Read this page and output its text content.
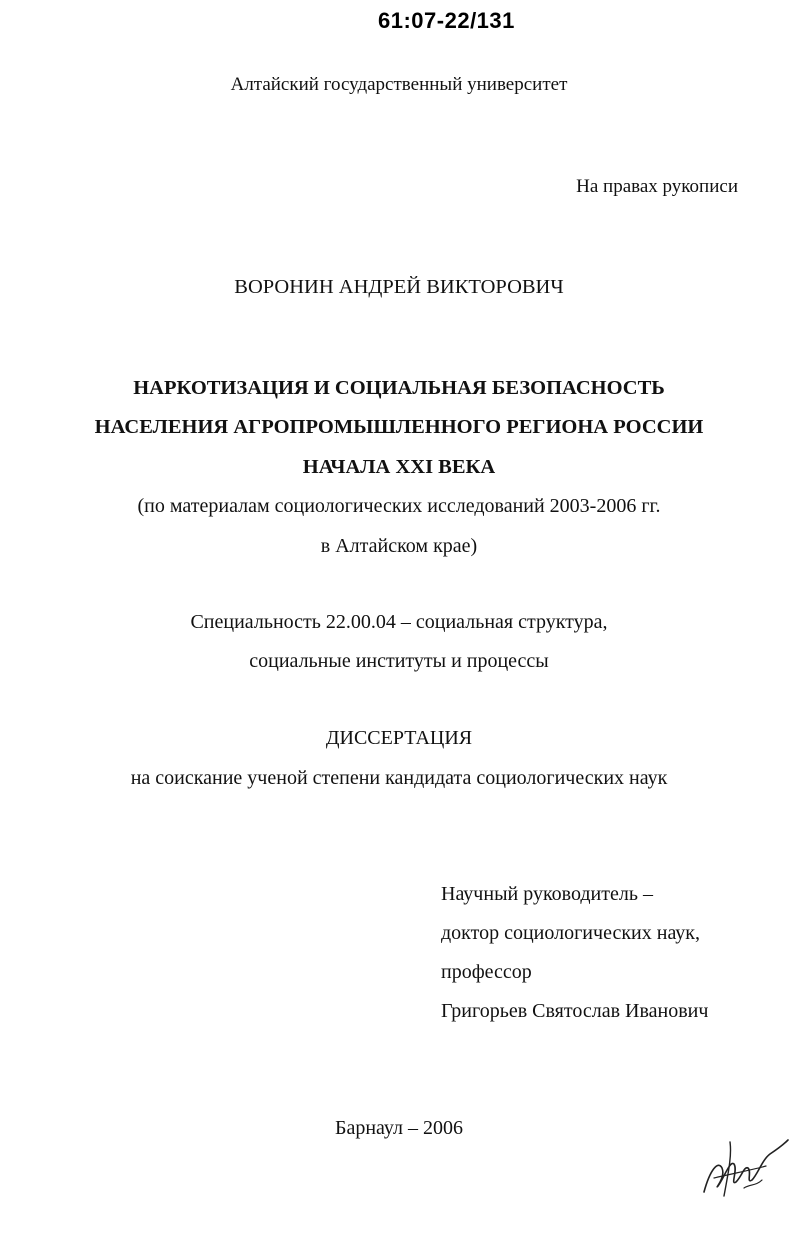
61:07-22/131
Алтайский государственный университет
На правах рукописи
ВОРОНИН АНДРЕЙ ВИКТОРОВИЧ
НАРКОТИЗАЦИЯ И СОЦИАЛЬНАЯ БЕЗОПАСНОСТЬ
НАСЕЛЕНИЯ АГРОПРОМЫШЛЕННОГО РЕГИОНА РОССИИ
НАЧАЛА XXI ВЕКА
(по материалам социологических исследований 2003-2006 гг.
в Алтайском крае)
Специальность 22.00.04 – социальная структура,
социальные институты и процессы
ДИССЕРТАЦИЯ
на соискание ученой степени кандидата социологических наук
Научный руководитель –
доктор социологических наук,
профессор
Григорьев Святослав Иванович
Барнаул – 2006
